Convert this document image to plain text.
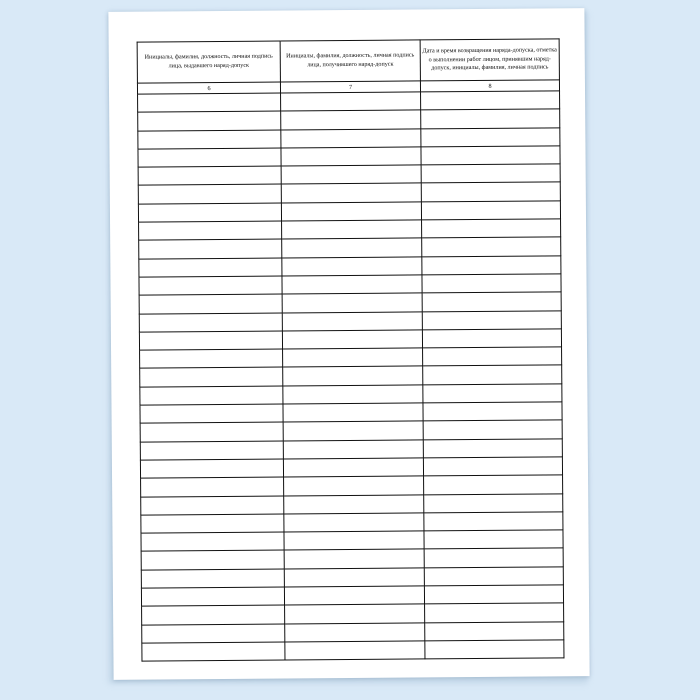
Инициалы, фамилия, должность, личная подпись лица, выдавшего наряд-допуск	Инициалы, фамилия, должность, личная подпись лица, получившего наряд-допуск	Дата и время возвращения наряда-допуска, отметка о выполнении работ лицом, принявшим наряд-допуск, инициалы, фамилия, личная подпись
6	7	8
